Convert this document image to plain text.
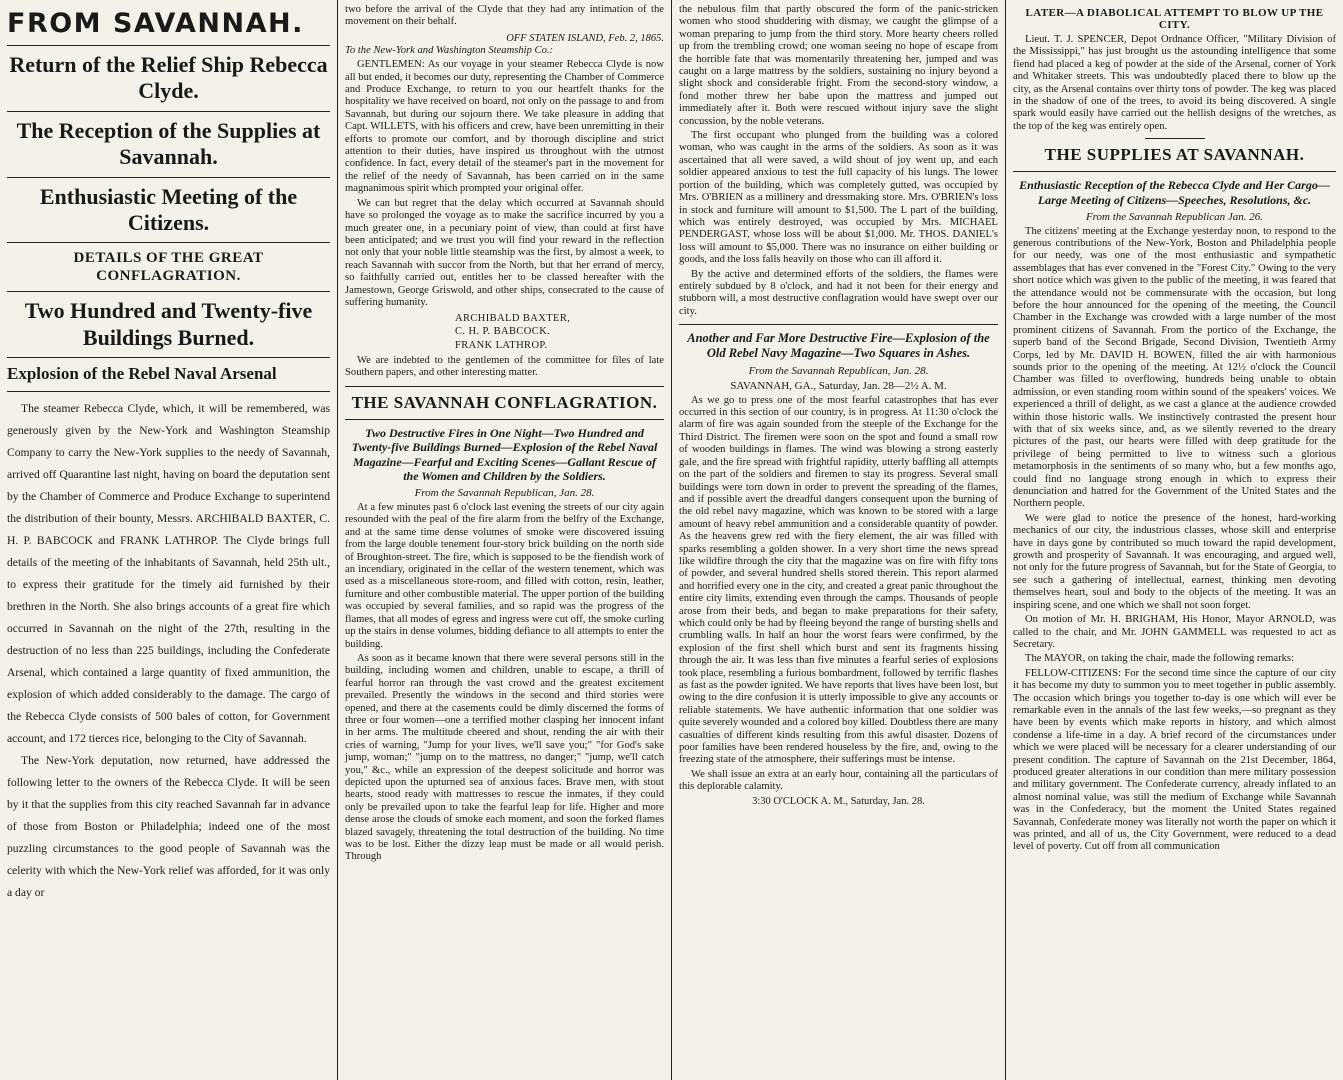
FROM SAVANNAH.
Return of the Relief Ship Rebecca Clyde.
The Reception of the Supplies at Savannah.
Enthusiastic Meeting of the Citizens.
DETAILS OF THE GREAT CONFLAGRATION.
Two Hundred and Twenty-five Buildings Burned.
Explosion of the Rebel Naval Arsenal

The steamer Rebecca Clyde, which, it will be remembered, was generously given by the New-York and Washington Steamship Company to carry the New-York supplies to the needy of Savannah, arrived off Quarantine last night, having on board the deputation sent by the Chamber of Commerce and Produce Exchange to superintend the distribution of their bounty, Messrs. ARCHIBALD BAXTER, C. H. P. BABCOCK and FRANK LATHROP. The Clyde brings full details of the meeting of the inhabitants of Savannah, held 25th ult., to express their gratitude for the timely aid furnished by their brethren in the North. She also brings accounts of a great fire which occurred in Savannah on the night of the 27th, resulting in the destruction of no less than 225 buildings, including the Confederate Arsenal, which contained a large quantity of fixed ammunition, the explosion of which added considerably to the damage. The cargo of the Rebecca Clyde consists of 500 bales of cotton, for Government account, and 172 tierces rice, belonging to the City of Savannah.

The New-York deputation, now returned, have addressed the following letter to the owners of the Rebecca Clyde. It will be seen by it that the supplies from this city reached Savannah far in advance of those from Boston or Philadelphia; indeed one of the most puzzling circumstances to the good people of Savannah was the celerity with which the New-York relief was afforded, for it was only a day or

two before the arrival of the Clyde that they had any intimation of the movement on their behalf.

OFF STATEN ISLAND, Feb. 2, 1865.
To the New-York and Washington Steamship Co.:

GENTLEMEN: As our voyage in your steamer Rebecca Clyde is now all but ended, it becomes our duty, representing the Chamber of Commerce and Produce Exchange, to return to you our heartfelt thanks for the hospitality we have received on board, not only on the passage to and from Savannah, but during our sojourn there. We take pleasure in adding that Capt. WILLETS, with his officers and crew, have been unremitting in their efforts to promote our comfort, and by thorough discipline and strict attention to their duties, have inspired us throughout with the utmost confidence. In fact, every detail of the steamer's part in the movement for the relief of the needy of Savannah, has been carried on in the same magnanimous spirit which prompted your original offer.

We can but regret that the delay which occurred at Savannah should have so prolonged the voyage as to make the sacrifice incurred by you a much greater one, in a pecuniary point of view, than could at first have been anticipated; and we trust you will find your reward in the reflection not only that your noble little steamship was the first, by almost a week, to reach Savannah with succor from the North, but that her errand of mercy, so faithfully carried out, entitles her to be classed hereafter with the Jamestown, George Griswold, and other ships, consecrated to the cause of suffering humanity.

ARCHIBALD BAXTER,
C. H. P. BABCOCK.
FRANK LATHROP.

We are indebted to the gentlemen of the committee for files of late Southern papers, and other interesting matter.

THE SAVANNAH CONFLAGRATION.
Two Destructive Fires in One Night—Two Hundred and Twenty-five Buildings Burned—Explosion of the Rebel Naval Magazine—Fearful and Exciting Scenes—Gallant Rescue of the Women and Children by the Soldiers.
From the Savannah Republican, Jan. 28.

At a few minutes past 6 o'clock last evening the streets of our city again resounded with the peal of the fire alarm from the belfry of the Exchange, and at the same time dense volumes of smoke were discovered issuing from the large double tenement four-story brick building on the north side of Broughton-street. The fire, which is supposed to be the fiendish work of an incendiary, originated in the cellar of the western tenement, which was used as a miscellaneous store-room, and filled with cotton, resin, leather, furniture and other combustible material. The upper portion of the building was occupied by several families, and so rapid was the progress of the flames, that all modes of egress and ingress were cut off, the smoke curling up the stairs in dense volumes, bidding defiance to all attempts to enter the building.

As soon as it became known that there were several persons still in the building, including women and children, unable to escape, a thrill of fearful horror ran through the vast crowd and the greatest excitement prevailed. Presently the windows in the second and third stories were opened, and there at the casements could be dimly discerned the forms of three or four women—one a terrified mother clasping her innocent infant in her arms. The multitude cheered and shout, rending the air with their cries of warning, "Jump for your lives, we'll save you;" "for God's sake jump, woman;" "jump on to the mattress, no danger;" "jump, we'll catch you," &c., while an expression of the deepest solicitude and horror was depicted upon the upturned sea of anxious faces. Brave men, with stout hearts, stood ready with mattresses to rescue the inmates, if they could only be prevailed upon to take the fearful leap for life. Higher and more dense arose the clouds of smoke each moment, and soon the forked flames blazed savagely, threatening the total destruction of the building. No time was to be lost. Either the dizzy leap must be made or all would perish. Through

the nebulous film that partly obscured the form of the panic-stricken women who stood shuddering with dismay, we caught the glimpse of a woman preparing to jump from the third story. More hearty cheers rolled up from the trembling crowd; one woman seeing no hope of escape from the horrible fate that was momentarily threatening her, jumped and was caught on a large mattress by the soldiers, sustaining no injury beyond a slight shock and considerable fright. From the second-story window, a fond mother threw her babe upon the mattress and jumped out immediately after it. Both were rescued without injury save the slight concussion, by the noble veterans.

The first occupant who plunged from the building was a colored woman, who was caught in the arms of the soldiers. As soon as it was ascertained that all were saved, a wild shout of joy went up, and each soldier appeared anxious to test the full capacity of his lungs. The lower portion of the building, which was completely gutted, was occupied by Mrs. O'BRIEN as a millinery and dressmaking store. Mrs. O'BRIEN's loss in stock and furniture will amount to $1,500. The L part of the building, which was entirely destroyed, was occupied by Mrs. MICHAEL PENDERGAST, whose loss will be about $1,000. Mr. THOS. DANIEL's loss will amount to $5,000. There was no insurance on either building or goods, and the loss falls heavily on those who can ill afford it.

By the active and determined efforts of the soldiers, the flames were entirely subdued by 8 o'clock, and had it not been for their energy and stubborn will, a most destructive conflagration would have swept over our city.

Another and Far More Destructive Fire—Explosion of the Old Rebel Navy Magazine—Two Squares in Ashes.
From the Savannah Republican, Jan. 28.
SAVANNAH, GA., Saturday, Jan. 28—2½ A. M.

As we go to press one of the most fearful catastrophes that has ever occurred in this section of our country, is in progress. At 11:30 o'clock the alarm of fire was again sounded from the steeple of the Exchange for the Third District. The firemen were soon on the spot and found a small row of wooden buildings in flames. The wind was blowing a strong easterly gale, and the fire spread with frightful rapidity, utterly baffling all attempts on the part of the soldiers and firemen to stay its progress. Several small buildings were torn down in order to prevent the spreading of the flames, and if possible avert the dreadful dangers consequent upon the burning of the old rebel navy magazine, which was known to be stored with a large amount of heavy rebel ammunition and a considerable quantity of powder. As the heavens grew red with the fiery element, the air was filled with sparks resembling a golden shower. In a very short time the news spread like wildfire through the city that the magazine was on fire with fifty tons of powder, and several hundred shells stored therein. This report alarmed and horrified every one in the city, and created a great panic throughout the entire city limits, extending even through the camps. Thousands of people arose from their beds, and began to make preparations for their safety, which could only be had by fleeing beyond the range of bursting shells and crumbling walls. In half an hour the worst fears were confirmed, by the explosion of the first shell which burst and sent its fragments hissing through the air. It was less than five minutes a fearful series of explosions took place, resembling a furious bombardment, followed by terrific flashes as fast as the powder ignited. We have reports that lives have been lost, but owing to the dire confusion it is utterly impossible to give any accounts or reliable statements. We have authentic information that one soldier was quite severely wounded and a colored boy killed. Doubtless there are many casualties of different kinds resulting from this awful disaster. Dozens of poor families have been rendered houseless by the fire, and, owing to the freezing state of the atmosphere, their sufferings must be intense.

We shall issue an extra at an early hour, containing all the particulars of this deplorable calamity.

3:30 O'CLOCK A. M., Saturday, Jan. 28.
LATER—A DIABOLICAL ATTEMPT TO BLOW UP THE CITY.

Lieut. T. J. SPENCER, Depot Ordnance Officer, "Military Division of the Mississippi," has just brought us the astounding intelligence that some fiend had placed a keg of powder at the side of the Arsenal, corner of York and Whitaker streets. This was undoubtedly placed there to blow up the city, as the Arsenal contains over thirty tons of powder. The keg was placed in the shadow of one of the trees, to avoid its being discovered. A single spark would easily have carried out the hellish designs of the wretches, as the top of the keg was entirely open.

THE SUPPLIES AT SAVANNAH.
Enthusiastic Reception of the Rebecca Clyde and Her Cargo—Large Meeting of Citizens—Speeches, Resolutions, &c.
From the Savannah Republican Jan. 26.

The citizens' meeting at the Exchange yesterday noon, to respond to the generous contributions of the New-York, Boston and Philadelphia people for our needy, was one of the most enthusiastic and sympathetic assemblages that has ever convened in the "Forest City." Owing to the very short notice which was given to the public of the meeting, it was feared that the attendance would not be commensurate with the occasion, but long before the hour announced for the opening of the meeting, the Council Chamber in the Exchange was crowded with a large number of the most prominent citizens of Savannah. From the portico of the Exchange, the superb band of the Second Brigade, Second Division, Twentieth Army Corps, led by Mr. DAVID H. BOWEN, filled the air with harmonious sounds prior to the opening of the meeting. At 12½ o'clock the Council Chamber was filled to overflowing, hundreds being unable to obtain admission, or even standing room within sound of the speakers' voices. We experienced a thrill of delight, as we cast a glance at the audience crowded within those historic walls. We instinctively contrasted the present hour with that of six weeks since, and, as we silently reverted to the dreary pictures of the past, our hearts were filled with deep gratitude for the privilege of being permitted to live to witness such a glorious metamorphosis in the sentiments of so many who, but a few months ago, could find no language strong enough in which to express their denunciation and hatred for the Government of the United States and the Northern people.

We were glad to notice the presence of the honest, hard-working mechanics of our city, the industrious classes, whose skill and enterprise have in days gone by contributed so much toward the rapid development, growth and prosperity of Savannah. It was encouraging, and argued well, not only for the future progress of Savannah, but for the State of Georgia, to see such a gathering of intellectual, earnest, thinking men devoting themselves heart, soul and body to the objects of the meeting. It was an inspiring scene, and one which we shall not soon forget.

On motion of Mr. H. BRIGHAM, His Honor, Mayor ARNOLD, was called to the chair, and Mr. JOHN GAMMELL was requested to act as Secretary.

The MAYOR, on taking the chair, made the following remarks:

FELLOW-CITIZENS: For the second time since the capture of our city it has become my duty to summon you to meet together in public assembly. The occasion which brings you together to-day is one which will ever be remarkable even in the annals of the last few weeks,—so pregnant as they have been by events which make reports in history, and which almost condense a life-time in a day. A brief record of the circumstances under which we were placed will be necessary for a clearer understanding of our present condition. The capture of Savannah on the 21st December, 1864, produced greater alterations in our condition than mere military possession and military government. The Confederate currency, already inflated to an almost nominal value, was still the medium of Exchange while Savannah was in the Confederacy, but the moment the United States regained Savannah, Confederate money was literally not worth the paper on which it was printed, and all of us, the City Government, were reduced to a dead level of poverty. Cut off from all communication
